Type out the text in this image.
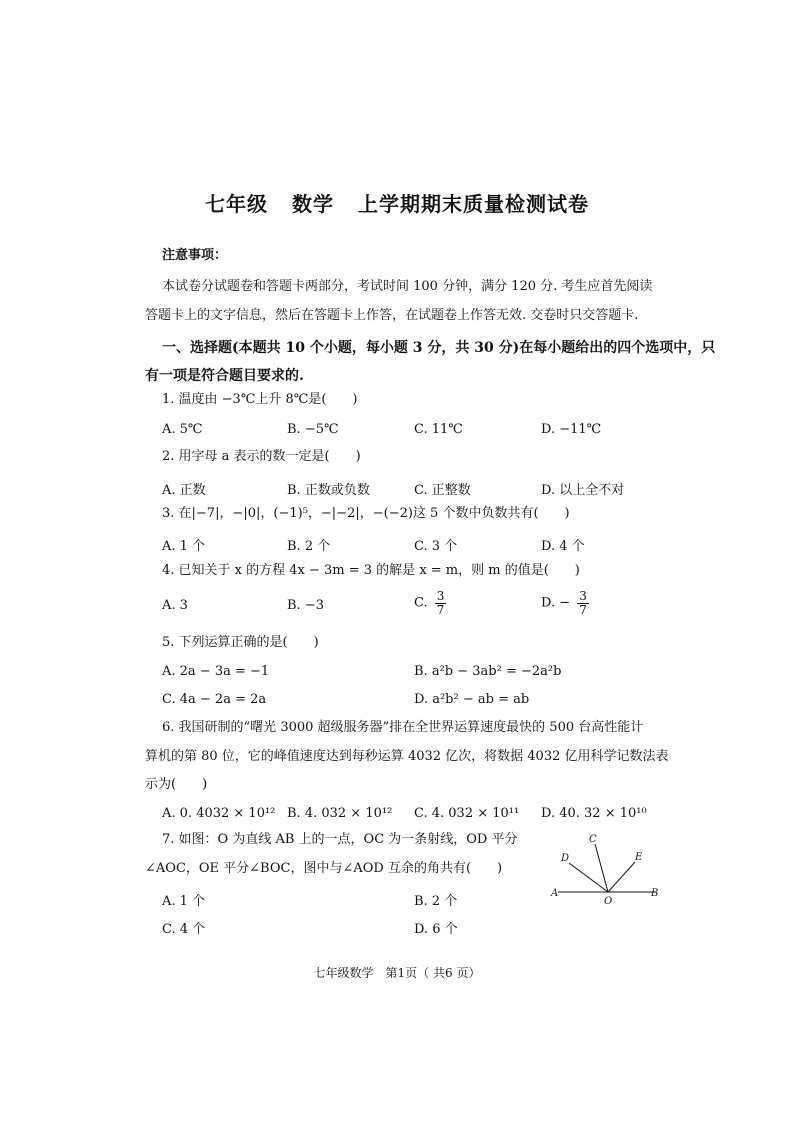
七年级 数学 上学期期末质量检测试卷
注意事项：
本试卷分试题卷和答题卡两部分，考试时间 100 分钟，满分 120 分. 考生应首先阅读
答题卡上的文字信息，然后在答题卡上作答，在试题卷上作答无效. 交卷时只交答题卡.
一、选择题(本题共 10 个小题，每小题 3 分，共 30 分)在每小题给出的四个选项中，只
有一项是符合题目要求的.
1. 温度由 −3℃上升 8℃是(　　)
A. 5℃	B. −5℃	C. 11℃	D. −11℃
2. 用字母 a 表示的数一定是(　　)
A. 正数	B. 正数或负数	C. 正整数	D. 以上全不对
3. 在|−7|，−|0|，(−1)⁵，−|−2|，−(−2)这 5 个数中负数共有(　　)
A. 1 个	B. 2 个	C. 3 个	D. 4 个
4. 已知关于 x 的方程 4x − 3m = 3 的解是 x = m，则 m 的值是(　　)
A. 3	B. −3	C. $\frac{3}{7}$	D. − $\frac{3}{7}$
5. 下列运算正确的是(　　)
A. 2a − 3a = −1	B. a²b − 3ab² = −2a²b
C. 4a − 2a = 2a	D. a²b² − ab = ab
6. 我国研制的“曙光 3000 超级服务器”排在全世界运算速度最快的 500 台高性能计
算机的第 80 位，它的峰值速度达到每秒运算 4032 亿次，将数据 4032 亿用科学记数法表
示为(　　)
A. 0. 4032 × 10¹² B. 4. 032 × 10¹² C. 4. 032 × 10¹¹ D. 40. 32 × 10¹⁰
7. 如图：O 为直线 AB 上的一点，OC 为一条射线，OD 平分
∠AOC，OE 平分∠BOC，图中与∠AOD 互余的角共有(　　)
A. 1 个	B. 2 个
C. 4 个	D. 6 个
A	B
C
D	E
O
七年级数学　第1页（ 共6 页）
